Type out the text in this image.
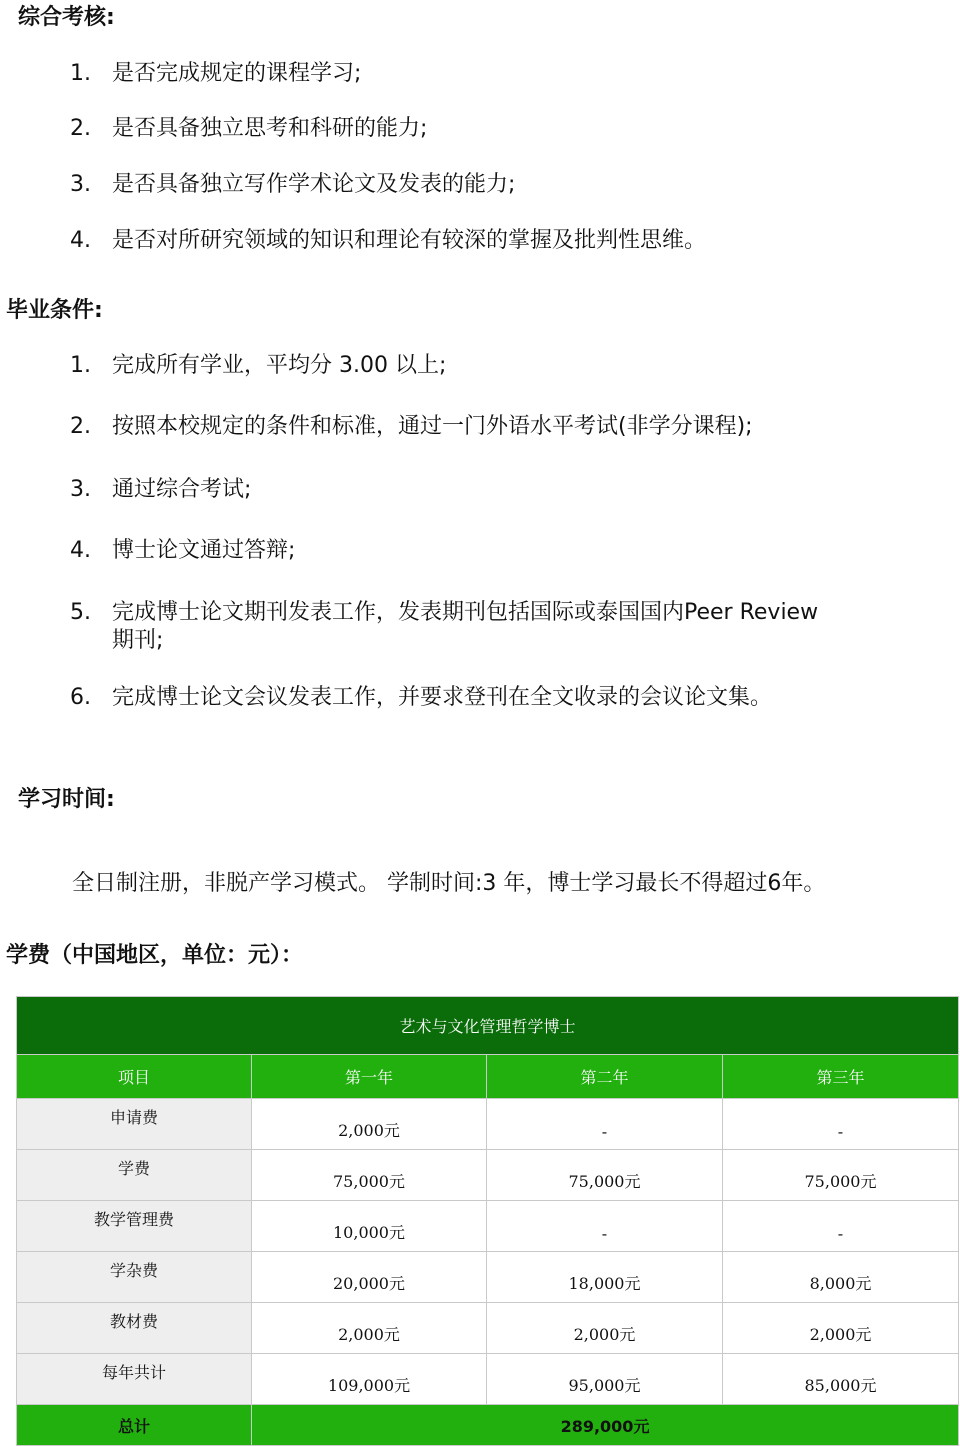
综合考核:
1. 是否完成规定的课程学习;
2. 是否具备独立思考和科研的能力;
3. 是否具备独立写作学术论文及发表的能力;
4. 是否对所研究领域的知识和理论有较深的掌握及批判性思维。
毕业条件:
1. 完成所有学业，平均分 3.00 以上;
2. 按照本校规定的条件和标准，通过一门外语水平考试(非学分课程);
3. 通过综合考试;
4. 博士论文通过答辩;
5. 完成博士论文期刊发表工作，发表期刊包括国际或泰国国内Peer Review期刊;
6. 完成博士论文会议发表工作，并要求登刊在全文收录的会议论文集。
学习时间:
全日制注册，非脱产学习模式。 学制时间:3 年，博士学习最长不得超过6年。
学费（中国地区，单位：元）：
艺术与文化管理哲学博士			
项目	第一年	第二年	第三年
申请费	2,000元	-	-
学费	75,000元	75,000元	75,000元
教学管理费	10,000元	-	-
学杂费	20,000元	18,000元	8,000元
教材费	2,000元	2,000元	2,000元
每年共计	109,000元	95,000元	85,000元
总计	289,000元		
